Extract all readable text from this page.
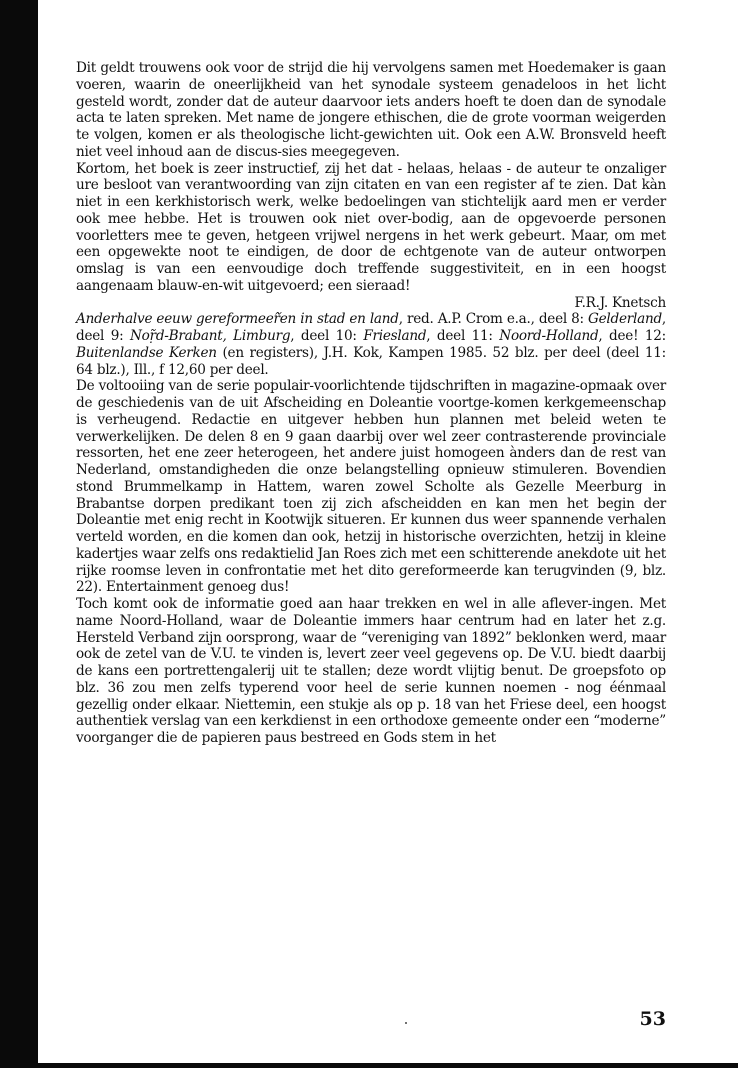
Dit geldt trouwens ook voor de strijd die hij vervolgens samen met Hoedemaker is gaan voeren, waarin de oneerlijkheid van het synodale systeem genadeloos in het licht gesteld wordt, zonder dat de auteur daarvoor iets anders hoeft te doen dan de synodale acta te laten spreken. Met name de jongere ethischen, die de grote voorman weigerden te volgen, komen er als theologische licht-gewichten uit. Ook een A.W. Bronsveld heeft niet veel inhoud aan de discus-sies meegegeven.

Kortom, het boek is zeer instructief, zij het dat - helaas, helaas - de auteur te onzaliger ure besloot van verantwoording van zijn citaten en van een register af te zien. Dat kàn niet in een kerkhistorisch werk, welke bedoelingen van stichtelijk aard men er verder ook mee hebbe. Het is trouwen ook niet over-bodig, aan de opgevoerde personen voorletters mee te geven, hetgeen vrijwel nergens in het werk gebeurt. Maar, om met een opgewekte noot te eindigen, de door de echtgenote van de auteur ontworpen omslag is van een eenvoudige doch treffende suggestiviteit, en in een hoogst aangenaam blauw-en-wit uitgevoerd; een sieraad!

F.R.J. Knetsch

Anderhalve eeuw gereformeer᷉en in stad en land, red. A.P. Crom e.a., deel 8: Gelderland, deel 9: Noṛ̃d-Brabant, Limburg, deel 10: Friesland, deel 11: Noord-Holland, dee! 12: Buitenlandse Kerken (en registers), J.H. Kok, Kampen 1985. 52 blz. per deel (deel 11: 64 blz.), Ill., f 12,60 per deel.

De voltooiing van de serie populair-voorlichtende tijdschriften in magazine-opmaak over de geschiedenis van de uit Afscheiding en Doleantie voortge-komen kerkgemeenschap is verheugend. Redactie en uitgever hebben hun plannen met beleid weten te verwerkelijken. De delen 8 en 9 gaan daarbij over wel zeer contrasterende provinciale ressorten, het ene zeer heterogeen, het andere juist homogeen ànders dan de rest van Nederland, omstandigheden die onze belangstelling opnieuw stimuleren. Bovendien stond Brummelkamp in Hattem, waren zowel Scholte als Gezelle Meerburg in Brabantse dorpen predikant toen zij zich afscheidden en kan men het begin der Doleantie met enig recht in Kootwijk situeren. Er kunnen dus weer spannende verhalen verteld worden, en die komen dan ook, hetzij in historische overzichten, hetzij in kleine kadertjes waar zelfs ons redaktielid Jan Roes zich met een schitterende anekdote uit het rijke roomse leven in confrontatie met het dito gereformeerde kan terugvinden (9, blz. 22). Entertainment genoeg dus!

Toch komt ook de informatie goed aan haar trekken en wel in alle aflever-ingen. Met name Noord-Holland, waar de Doleantie immers haar centrum had en later het z.g. Hersteld Verband zijn oorsprong, waar de “vereniging van 1892” beklonken werd, maar ook de zetel van de V.U. te vinden is, levert zeer veel gegevens op. De V.U. biedt daarbij de kans een portrettengalerij uit te stallen; deze wordt vlijtig benut. De groepsfoto op blz. 36 zou men zelfs typerend voor heel de serie kunnen noemen - nog éénmaal gezellig onder elkaar. Niettemin, een stukje als op p. 18 van het Friese deel, een hoogst authentiek verslag van een kerkdienst in een orthodoxe gemeente onder een “moderne” voorganger die de papieren paus bestreed en Gods stem in het

53
